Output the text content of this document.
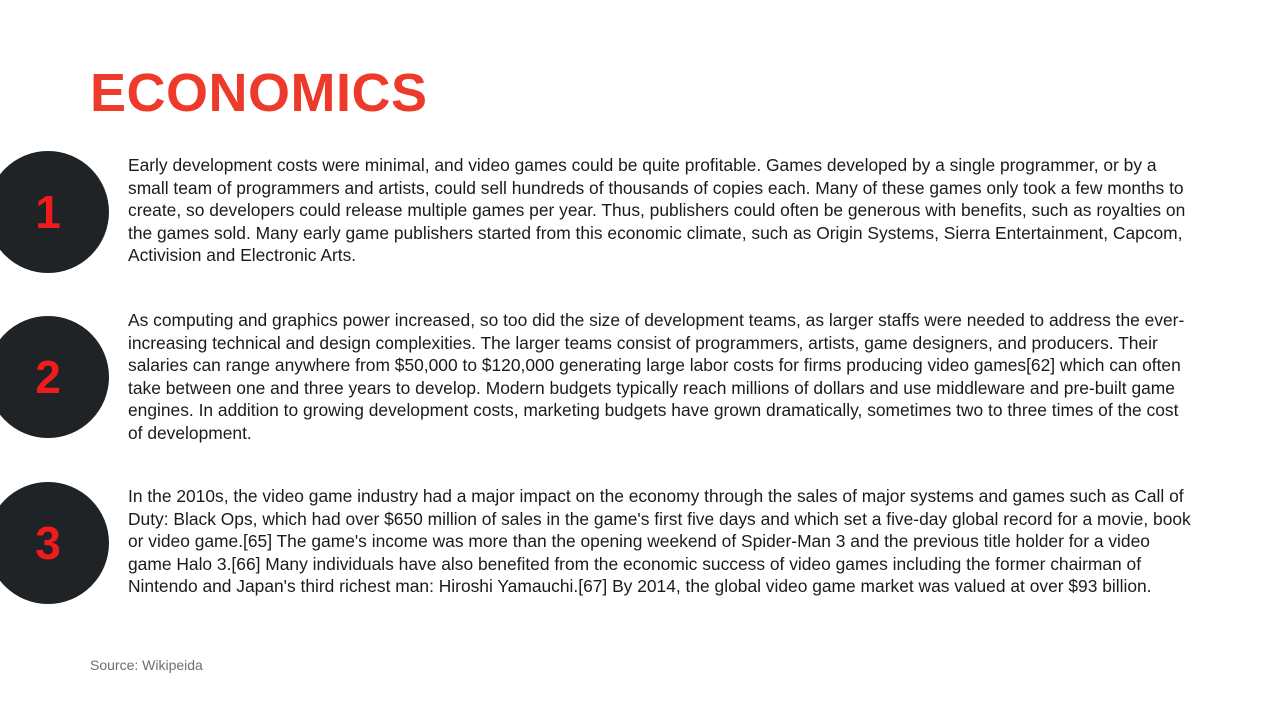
ECONOMICS
1

Early development costs were minimal, and video games could be quite profitable. Games developed by a single programmer, or by a small team of programmers and artists, could sell hundreds of thousands of copies each. Many of these games only took a few months to create, so developers could release multiple games per year. Thus, publishers could often be generous with benefits, such as royalties on the games sold. Many early game publishers started from this economic climate, such as Origin Systems, Sierra Entertainment, Capcom, Activision and Electronic Arts.

2

As computing and graphics power increased, so too did the size of development teams, as larger staffs were needed to address the ever-increasing technical and design complexities. The larger teams consist of programmers, artists, game designers, and producers. Their salaries can range anywhere from $50,000 to $120,000 generating large labor costs for firms producing video games[62] which can often take between one and three years to develop. Modern budgets typically reach millions of dollars and use middleware and pre-built game engines. In addition to growing development costs, marketing budgets have grown dramatically, sometimes two to three times of the cost of development.

3

In the 2010s, the video game industry had a major impact on the economy through the sales of major systems and games such as Call of Duty: Black Ops, which had over $650 million of sales in the game's first five days and which set a five-day global record for a movie, book or video game.[65] The game's income was more than the opening weekend of Spider-Man 3 and the previous title holder for a video game Halo 3.[66] Many individuals have also benefited from the economic success of video games including the former chairman of Nintendo and Japan's third richest man: Hiroshi Yamauchi.[67] By 2014, the global video game market was valued at over $93 billion.

Source: Wikipeida
